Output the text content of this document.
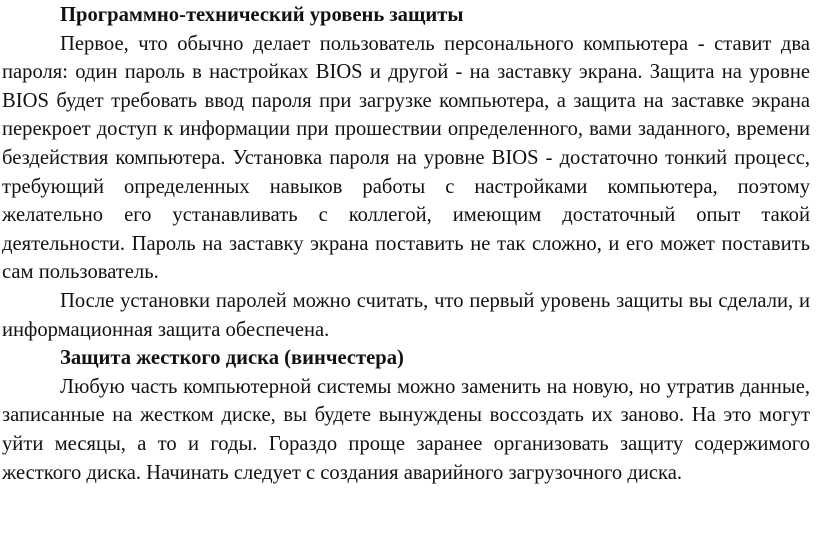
Программно-технический уровень защиты

Первое, что обычно делает пользователь персонального компьютера - ставит два пароля: один пароль в настройках BIOS и другой - на заставку экрана. Защита на уровне BIOS будет требовать ввод пароля при загрузке компьютера, а защита на заставке экрана перекроет доступ к информации при прошествии определенного, вами заданного, времени бездействия компьютера. Установка пароля на уровне BIOS - достаточно тонкий процесс, требующий определенных навыков работы с настройками компьютера, поэтому желательно его устанавливать с коллегой, имеющим достаточный опыт такой деятельности. Пароль на заставку экрана поставить не так сложно, и его может поставить сам пользователь.

После установки паролей можно считать, что первый уровень защиты вы сделали, и информационная защита обеспечена.

Защита жесткого диска (винчестера)

Любую часть компьютерной системы можно заменить на новую, но утратив данные, записанные на жестком диске, вы будете вынуждены воссоздать их заново. На это могут уйти месяцы, а то и годы. Гораздо проще заранее организовать защиту содержимого жесткого диска. Начинать следует с создания аварийного загрузочного диска.
